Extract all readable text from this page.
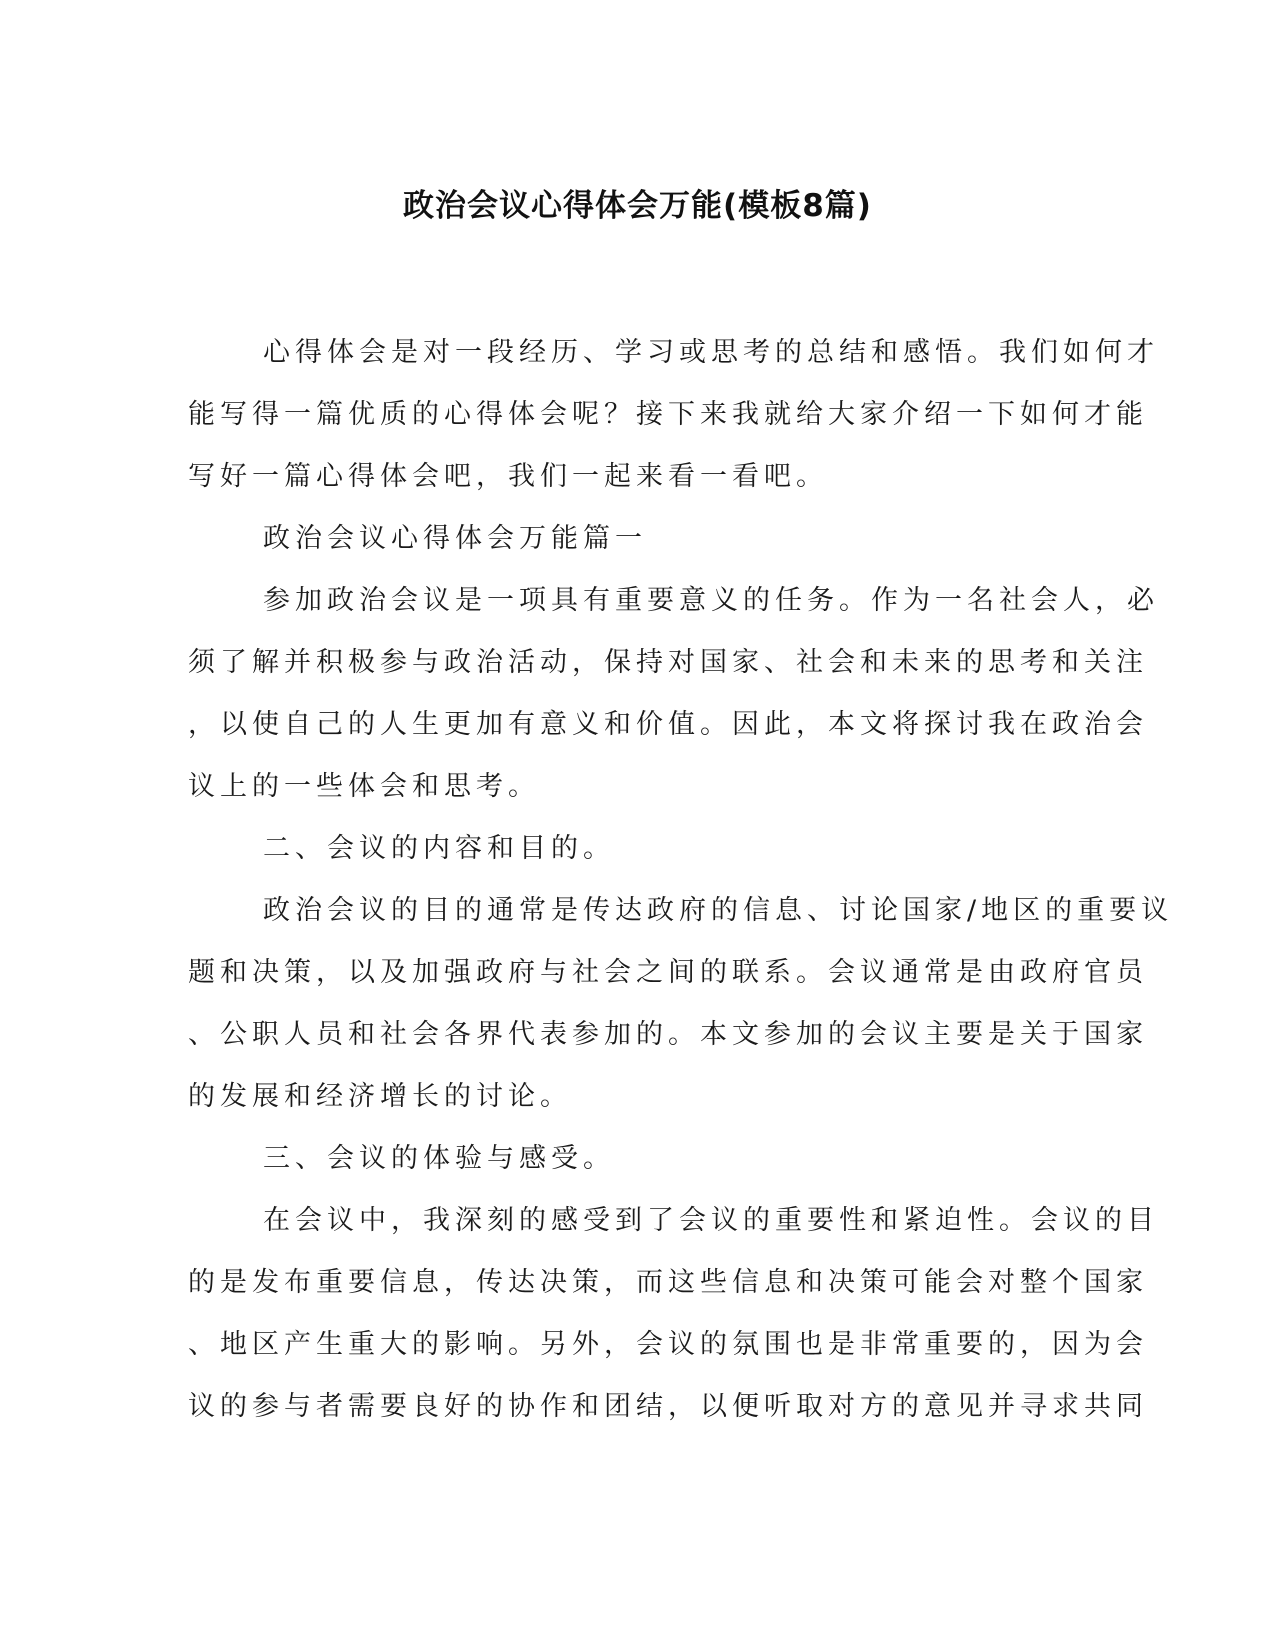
政治会议心得体会万能(模板8篇)

心得体会是对一段经历、学习或思考的总结和感悟。我们如何才

能写得一篇优质的心得体会呢？接下来我就给大家介绍一下如何才能

写好一篇心得体会吧，我们一起来看一看吧。

政治会议心得体会万能篇一

参加政治会议是一项具有重要意义的任务。作为一名社会人，必

须了解并积极参与政治活动，保持对国家、社会和未来的思考和关注

，以使自己的人生更加有意义和价值。因此，本文将探讨我在政治会

议上的一些体会和思考。

二、会议的内容和目的。

政治会议的目的通常是传达政府的信息、讨论国家/地区的重要议

题和决策，以及加强政府与社会之间的联系。会议通常是由政府官员

、公职人员和社会各界代表参加的。本文参加的会议主要是关于国家

的发展和经济增长的讨论。

三、会议的体验与感受。

在会议中，我深刻的感受到了会议的重要性和紧迫性。会议的目

的是发布重要信息，传达决策，而这些信息和决策可能会对整个国家

、地区产生重大的影响。另外，会议的氛围也是非常重要的，因为会

议的参与者需要良好的协作和团结，以便听取对方的意见并寻求共同
